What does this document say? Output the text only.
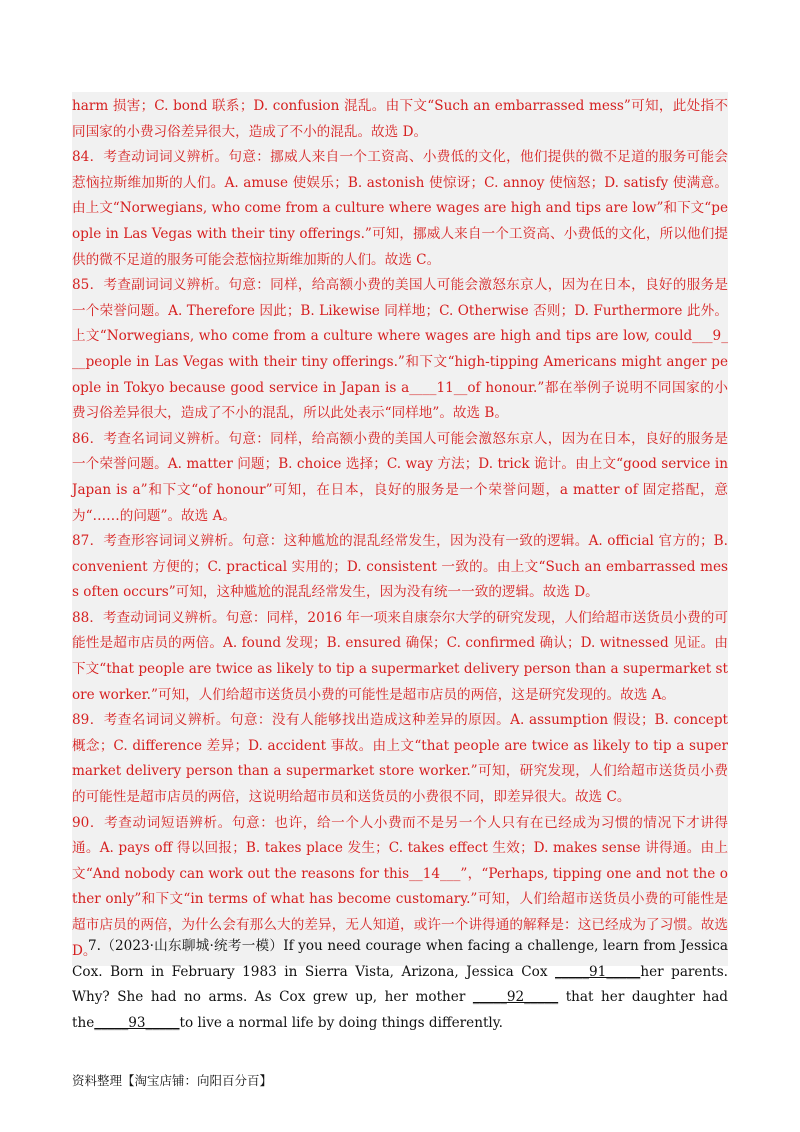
harm 损害；C. bond 联系；D. confusion 混乱。由下文“Such an embarrassed mess”可知，此处指不同国家的小费习俗差异很大，造成了不小的混乱。故选 D。

84．考查动词词义辨析。句意：挪威人来自一个工资高、小费低的文化，他们提供的微不足道的服务可能会惹恼拉斯维加斯的人们。A. amuse 使娱乐；B. astonish 使惊讶；C. annoy 使恼怒；D. satisfy 使满意。由上文“Norwegians, who come from a culture where wages are high and tips are low”和下文“people in Las Vegas with their tiny offerings.”可知，挪威人来自一个工资高、小费低的文化，所以他们提供的微不足道的服务可能会惹恼拉斯维加斯的人们。故选 C。

85．考查副词词义辨析。句意：同样，给高额小费的美国人可能会激怒东京人，因为在日本，良好的服务是一个荣誉问题。A. Therefore 因此；B. Likewise 同样地；C. Otherwise 否则；D. Furthermore 此外。上文“Norwegians, who come from a culture where wages are high and tips are low, could___9___people in Las Vegas with their tiny offerings.”和下文“high-tipping Americans might anger people in Tokyo because good service in Japan is a____11__of honour.”都在举例子说明不同国家的小费习俗差异很大，造成了不小的混乱，所以此处表示“同样地”。故选 B。

86．考查名词词义辨析。句意：同样，给高额小费的美国人可能会激怒东京人，因为在日本，良好的服务是一个荣誉问题。A. matter 问题；B. choice 选择；C. way 方法；D. trick 诡计。由上文“good service in Japan is a”和下文“of honour”可知，在日本，良好的服务是一个荣誉问题，a matter of 固定搭配，意为“……的问题”。故选 A。

87．考查形容词词义辨析。句意：这种尴尬的混乱经常发生，因为没有一致的逻辑。A. official 官方的；B. convenient 方便的；C. practical 实用的；D. consistent 一致的。由上文“Such an embarrassed mess often occurs”可知，这种尴尬的混乱经常发生，因为没有统一一致的逻辑。故选 D。

88．考查动词词义辨析。句意：同样，2016 年一项来自康奈尔大学的研究发现，人们给超市送货员小费的可能性是超市店员的两倍。A. found 发现；B. ensured 确保；C. confirmed 确认；D. witnessed 见证。由下文“that people are twice as likely to tip a supermarket delivery person than a supermarket store worker.”可知，人们给超市送货员小费的可能性是超市店员的两倍，这是研究发现的。故选 A。

89．考查名词词义辨析。句意：没有人能够找出造成这种差异的原因。A. assumption 假设；B. concept 概念；C. difference 差异；D. accident 事故。由上文“that people are twice as likely to tip a supermarket delivery person than a supermarket store worker.”可知，研究发现，人们给超市送货员小费的可能性是超市店员的两倍，这说明给超市员和送货员的小费很不同，即差异很大。故选 C。

90．考查动词短语辨析。句意：也许，给一个人小费而不是另一个人只有在已经成为习惯的情况下才讲得通。A. pays off 得以回报；B. takes place 发生；C. takes effect 生效；D. makes sense 讲得通。由上文“And nobody can work out the reasons for this__14___”，“Perhaps, tipping one and not the other only”和下文“in terms of what has become customary.”可知，人们给超市送货员小费的可能性是超市店员的两倍，为什么会有那么大的差异，无人知道，或许一个讲得通的解释是：这已经成为了习惯。故选 D。

7.（2023·山东聊城·统考一模）If you need courage when facing a challenge, learn from Jessica Cox. Born in February 1983 in Sierra Vista, Arizona, Jessica Cox _____91_____her parents. Why? She had no arms. As Cox grew up, her mother _____92_____ that her daughter had the_____93_____to live a normal life by doing things differently.

资料整理【淘宝店铺：向阳百分百】
